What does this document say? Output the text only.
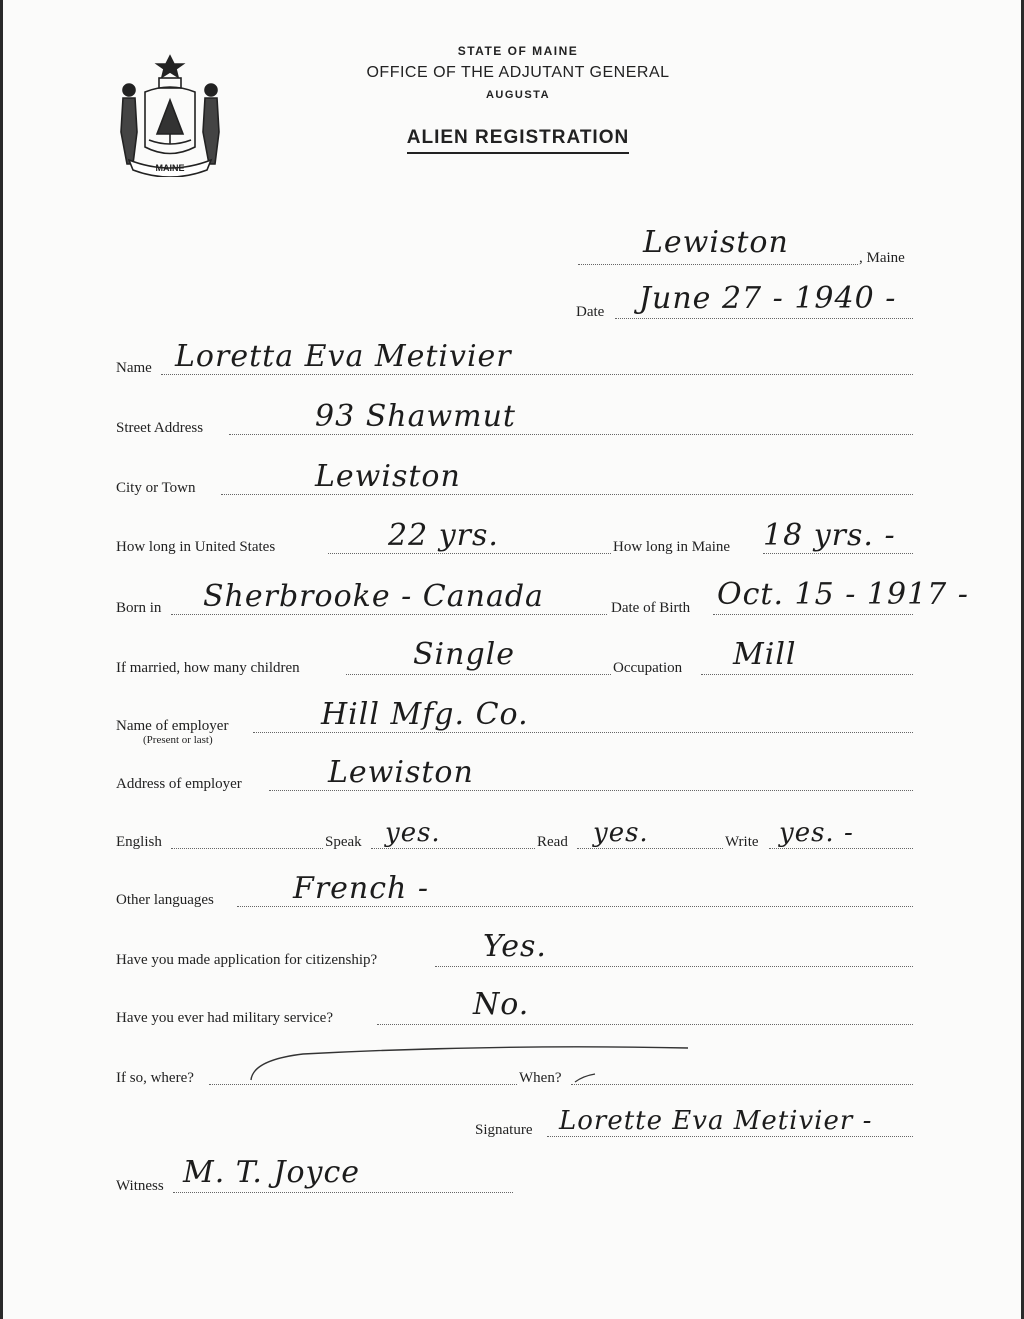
MAINE
STATE OF MAINE
OFFICE OF THE ADJUTANT GENERAL
AUGUSTA
ALIEN REGISTRATION
Lewiston	, Maine
Date June 27 - 1940 -
Name Loretta Eva Metivier
Street Address	93 Shawmut
City or Town	Lewiston
How long in United States	22 yrs.	How long in Maine 18 yrs. -
Born in Sherbrooke - Canada	Date of Birth Oct. 15 - 1917 -
If married, how many children	Single	Occupation Mill
Name of employer	Hill Mfg. Co.
(Present or last)
Address of employer	Lewiston
English	Speak yes.	Read yes.	Write yes. -
Other languages	French -
Have you made application for citizenship?	Yes.
Have you ever had military service?	No.
If so, where?	When?
Signature Lorette Eva Metivier -
Witness M. T. Joyce
